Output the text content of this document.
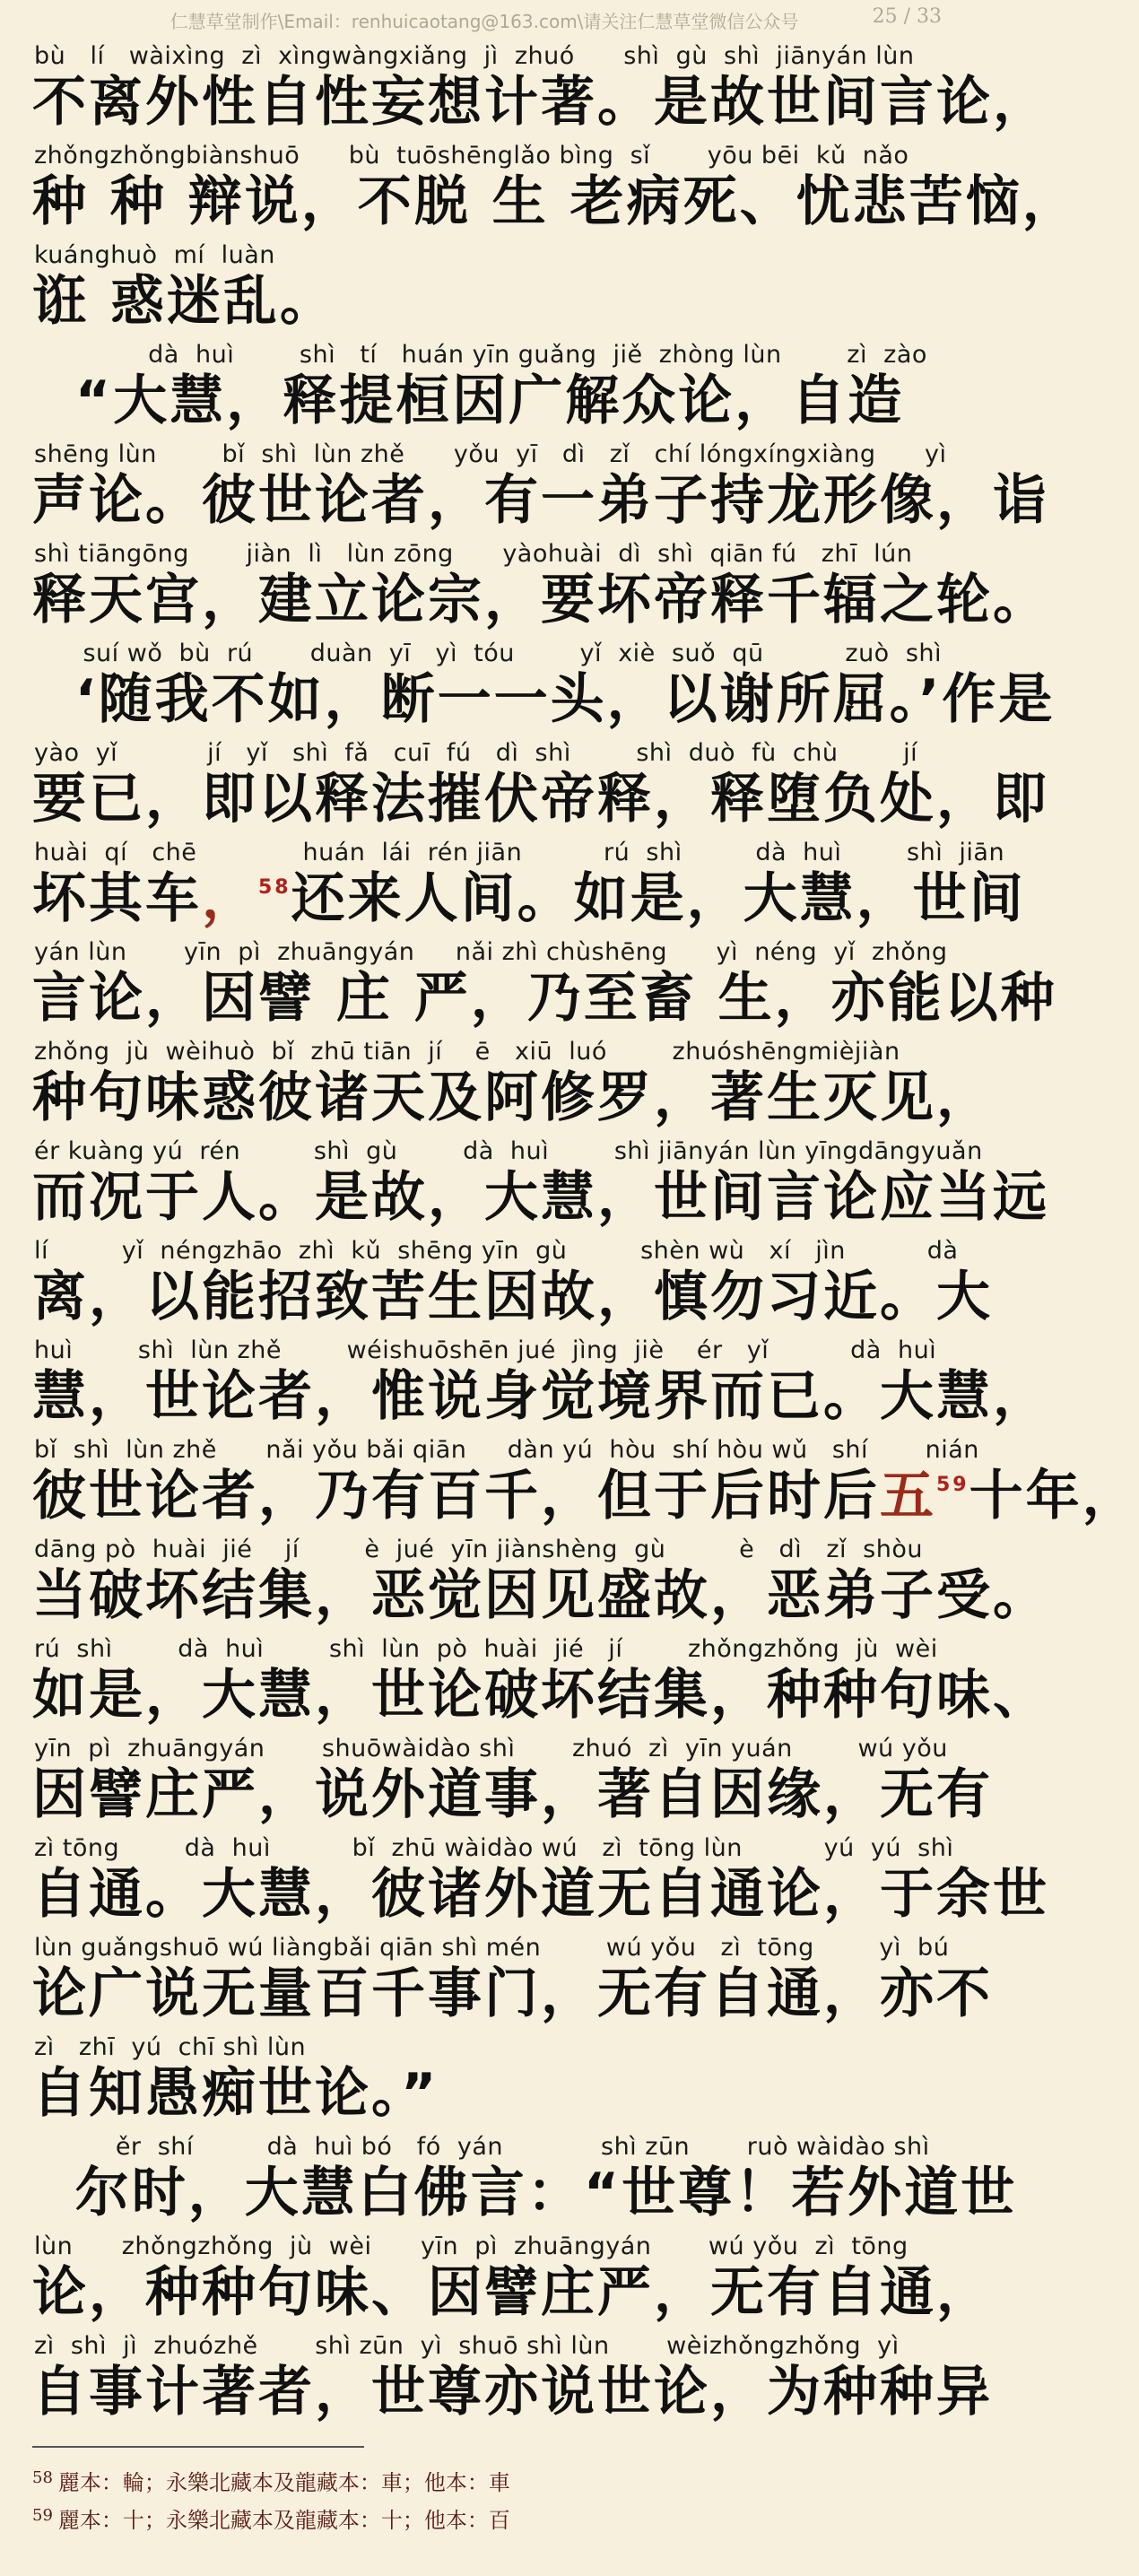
仁慧草堂制作\Email：renhuicaotang@163.com\请关注仁慧草堂微信公众号	25 / 33
bù   lí   wàixìng  zì  xìngwàngxiǎng  jì  zhuó      shì  gù  shì  jiānyán lùn
不离外性自性妄想计著。是故世间言论，
zhǒngzhǒngbiànshuō      bù  tuōshēnglǎo bìng  sǐ       yōu bēi  kǔ  nǎo
种 种 辩说，不脱 生 老病死、忧悲苦恼，
kuánghuò  mí  luàn
诳 惑迷乱。
dà  huì        shì   tí   huán yīn guǎng  jiě  zhòng lùn        zì  zào
“大慧，释提桓因广解众论，自造
shēng lùn        bǐ  shì  lùn zhě      yǒu  yī   dì   zǐ   chí lóngxíngxiàng      yì
声论。彼世论者，有一弟子持龙形像，诣
shì tiāngōng       jiàn  lì   lùn zōng      yàohuài  dì  shì  qiān fú   zhī  lún
释天宫，建立论宗，要坏帝释千辐之轮。
suí wǒ  bù  rú       duàn  yī   yì  tóu        yǐ  xiè  suǒ  qū          zuò  shì
‘随我不如，断一一头，以谢所屈。’作是
yào  yǐ           jí   yǐ   shì  fǎ   cuī  fú   dì  shì        shì  duò  fù  chù        jí
要已，即以释法摧伏帝释，释堕负处，即
huài  qí   chē             huán  lái  rén jiān          rú  shì         dà  huì        shì  jiān
坏其车，$^{58}$还来人间。如是，大慧，世间
yán lùn       yīn  pì  zhuāngyán     nǎi zhì chùshēng      yì  néng  yǐ  zhǒng
言论，因譬 庄 严，乃至畜 生，亦能以种
zhǒng  jù  wèihuò  bǐ  zhū tiān  jí    ē   xiū  luó        zhuóshēngmièjiàn
种句味惑彼诸天及阿修罗，著生灭见，
ér kuàng yú  rén         shì  gù        dà  huì        shì jiānyán lùn yīngdāngyuǎn
而况于人。是故，大慧，世间言论应当远
lí         yǐ  néngzhāo  zhì  kǔ  shēng yīn  gù         shèn wù   xí   jìn          dà
离，以能招致苦生因故，慎勿习近。大
huì        shì  lùn zhě        wéishuōshēn jué  jìng  jiè    ér   yǐ          dà  huì
慧，世论者，惟说身觉境界而已。大慧，
bǐ  shì  lùn zhě      nǎi yǒu bǎi qiān     dàn yú  hòu  shí hòu wǔ   shí       nián
彼世论者，乃有百千，但于后时后五$^{59}$十年，
dāng pò  huài  jié    jí        è  jué  yīn jiànshèng  gù         è   dì   zǐ  shòu
当破坏结集，恶觉因见盛故，恶弟子受。
rú  shì        dà  huì        shì  lùn  pò  huài  jié   jí        zhǒngzhǒng  jù  wèi
如是，大慧，世论破坏结集，种种句味、
yīn  pì  zhuāngyán       shuōwàidào shì       zhuó  zì  yīn yuán        wú yǒu
因譬庄严，说外道事，著自因缘，无有
zì tōng        dà  huì          bǐ  zhū wàidào wú   zì  tōng lùn          yú  yú  shì
自通。大慧，彼诸外道无自通论，于余世
lùn guǎngshuō wú liàngbǎi qiān shì mén        wú yǒu   zì  tōng        yì  bú
论广说无量百千事门，无有自通，亦不
zì   zhī  yú  chī shì lùn
自知愚痴世论。”
ěr  shí         dà  huì bó   fó  yán            shì zūn       ruò wàidào shì
尔时，大慧白佛言：“世尊！若外道世
lùn      zhǒngzhǒng  jù  wèi      yīn  pì  zhuāngyán       wú yǒu  zì  tōng
论，种种句味、因譬庄严，无有自通，
zì  shì  jì  zhuózhě       shì zūn  yì  shuō shì lùn       wèizhǒngzhǒng  yì
自事计著者，世尊亦说世论，为种种异
$^{58}$ 麗本：輪；永樂北藏本及龍藏本：車；他本：車
$^{59}$ 麗本：十；永樂北藏本及龍藏本：十；他本：百
